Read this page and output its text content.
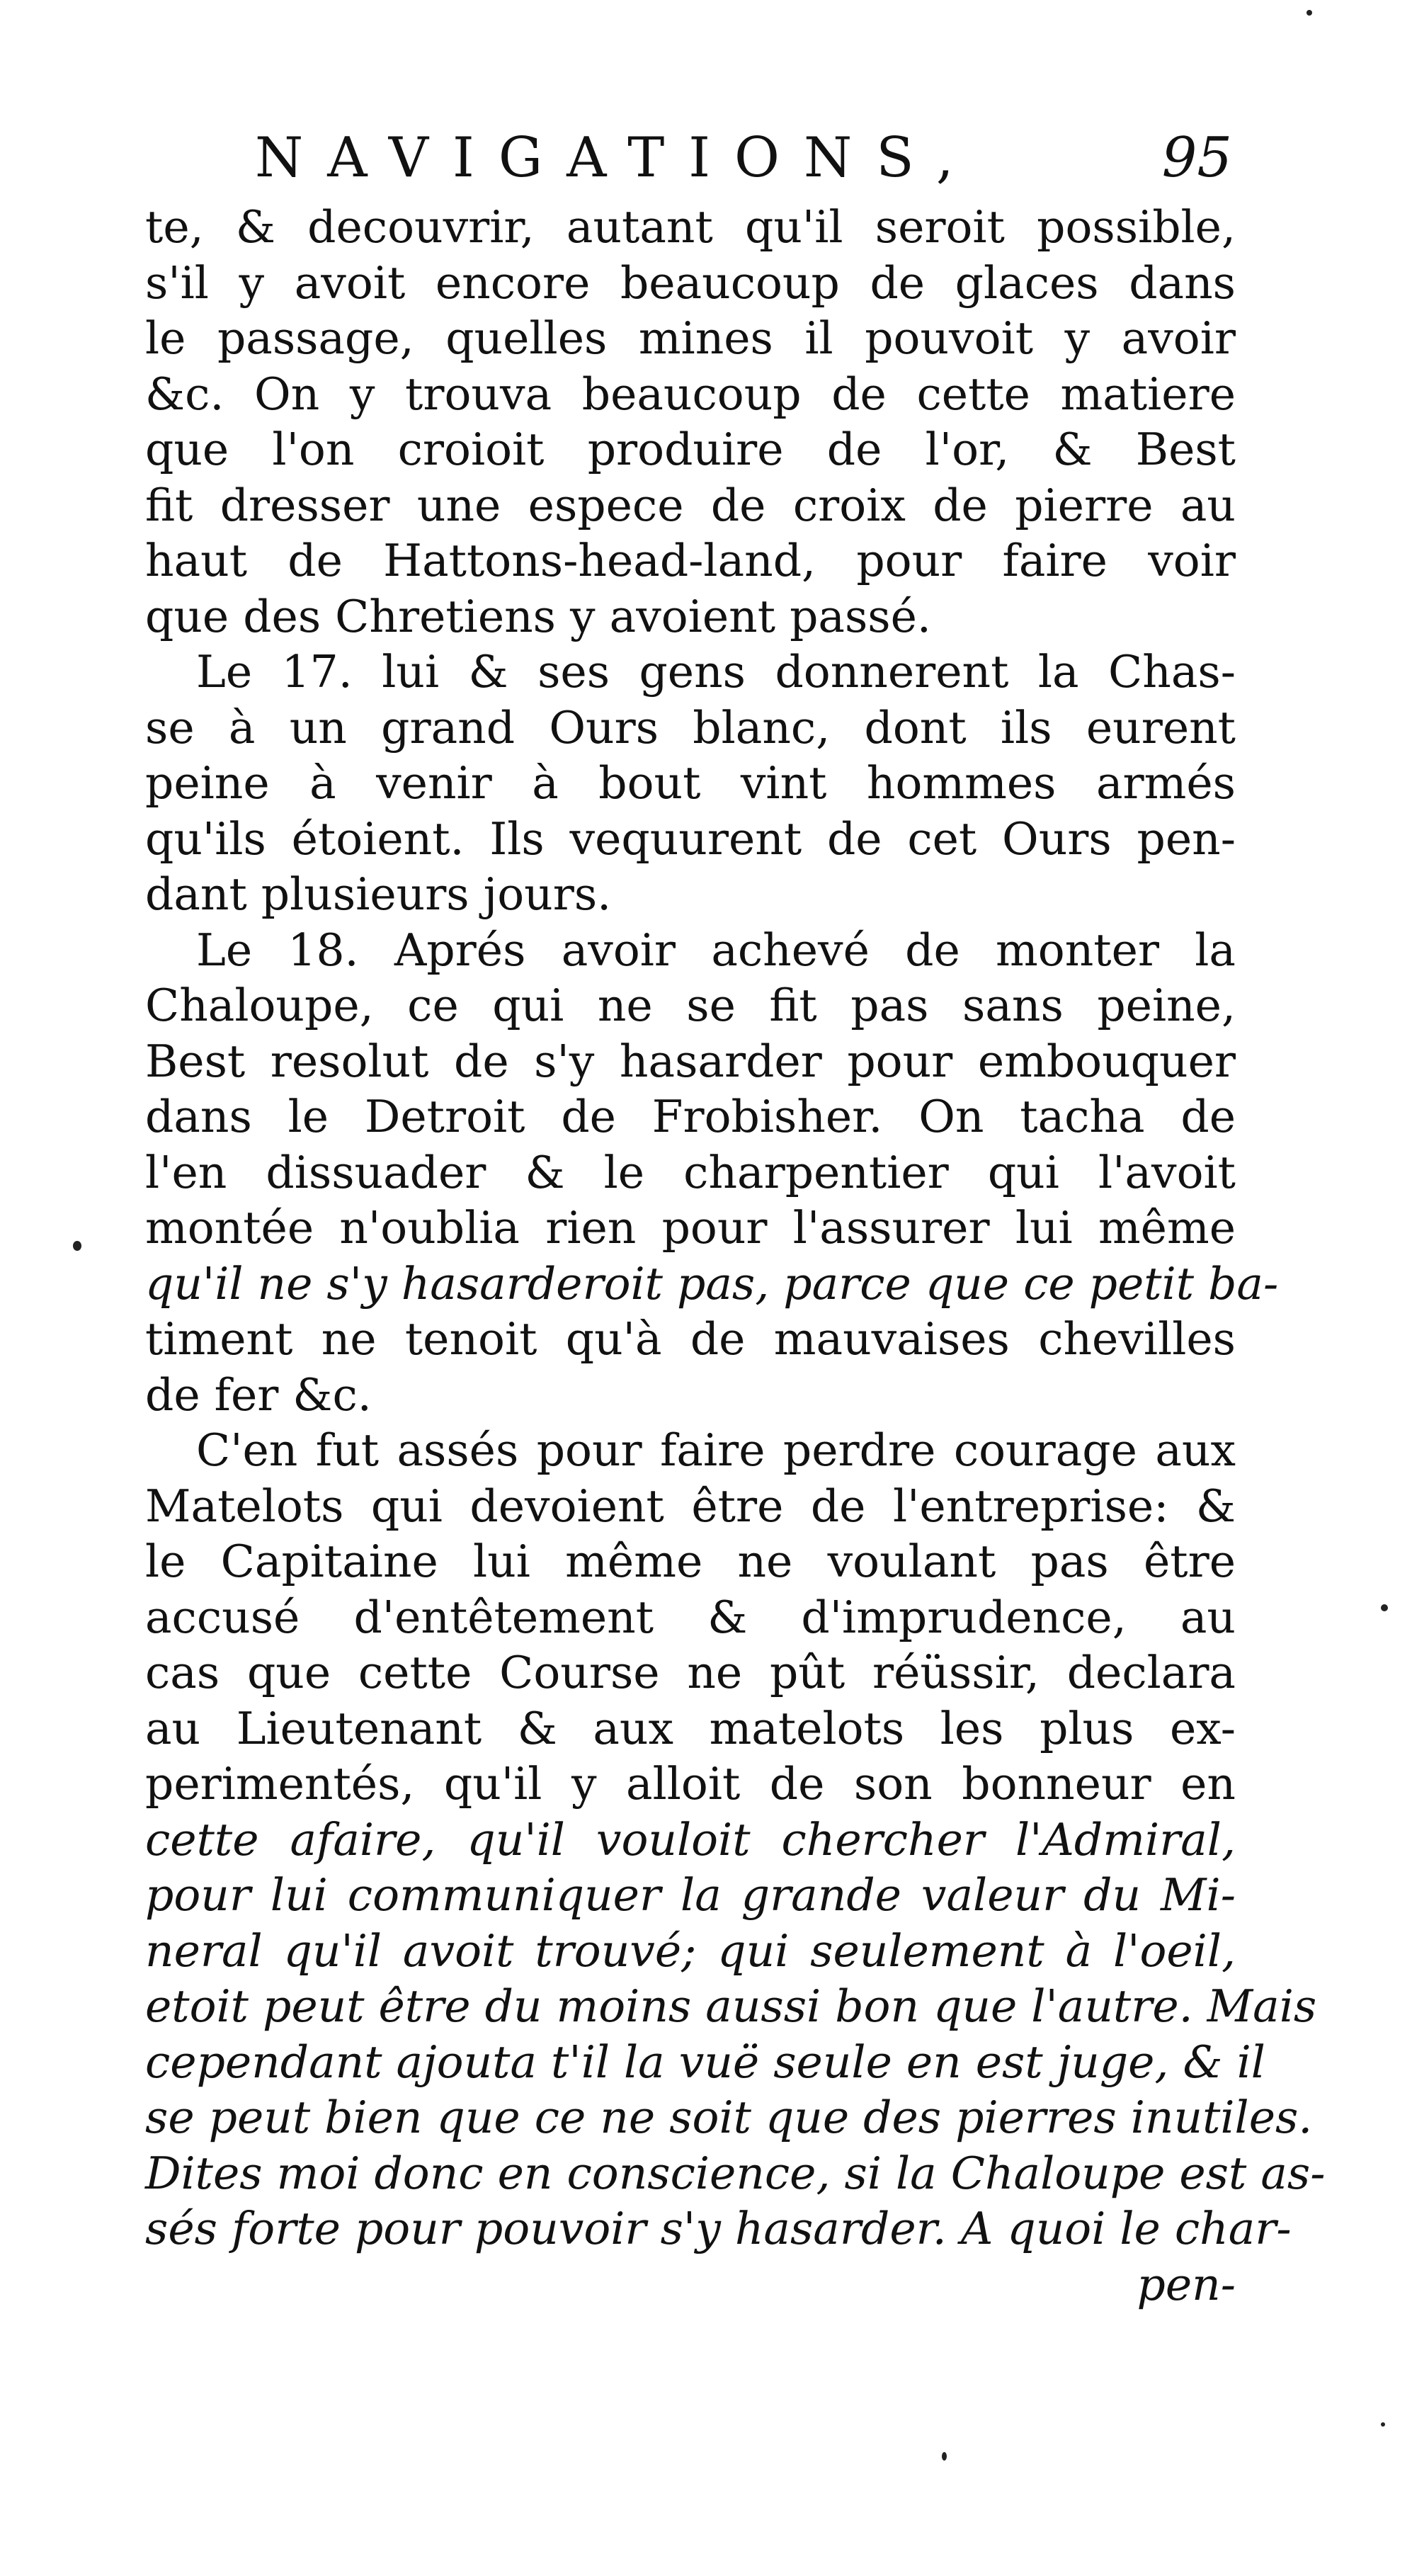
NAVIGATIONS,	95
te, & decouvrir, autant qu'il seroit possible,
s'il y avoit encore beaucoup de glaces dans
le passage, quelles mines il pouvoit y avoir
&c. On y trouva beaucoup de cette matiere
que l'on croioit produire de l'or, & Best
fit dresser une espece de croix de pierre au
haut de Hattons-head-land, pour faire voir
que des Chretiens y avoient passé.
Le 17. lui & ses gens donnerent la Chas-
se à un grand Ours blanc, dont ils eurent
peine à venir à bout vint hommes armés
qu'ils étoient. Ils vequurent de cet Ours pen-
dant plusieurs jours.
Le 18. Aprés avoir achevé de monter la
Chaloupe, ce qui ne se fit pas sans peine,
Best resolut de s'y hasarder pour embouquer
dans le Detroit de Frobisher. On tacha de
l'en dissuader & le charpentier qui l'avoit
montée n'oublia rien pour l'assurer lui même
qu'il ne s'y hasarderoit pas, parce que ce petit ba-
timent ne tenoit qu'à de mauvaises chevilles
de fer &c.
C'en fut assés pour faire perdre courage aux
Matelots qui devoient être de l'entreprise: &
le Capitaine lui même ne voulant pas être
accusé d'entêtement & d'imprudence, au
cas que cette Course ne pût réüssir, declara
au Lieutenant & aux matelots les plus ex-
perimentés, qu'il y alloit de son bonneur en
cette afaire, qu'il vouloit chercher l'Admiral,
pour lui communiquer la grande valeur du Mi-
neral qu'il avoit trouvé; qui seulement à l'oeil,
etoit peut être du moins aussi bon que l'autre. Mais
cependant ajouta t'il la vuë seule en est juge, & il
se peut bien que ce ne soit que des pierres inutiles.
Dites moi donc en conscience, si la Chaloupe est as-
sés forte pour pouvoir s'y hasarder. A quoi le char-
pen-
